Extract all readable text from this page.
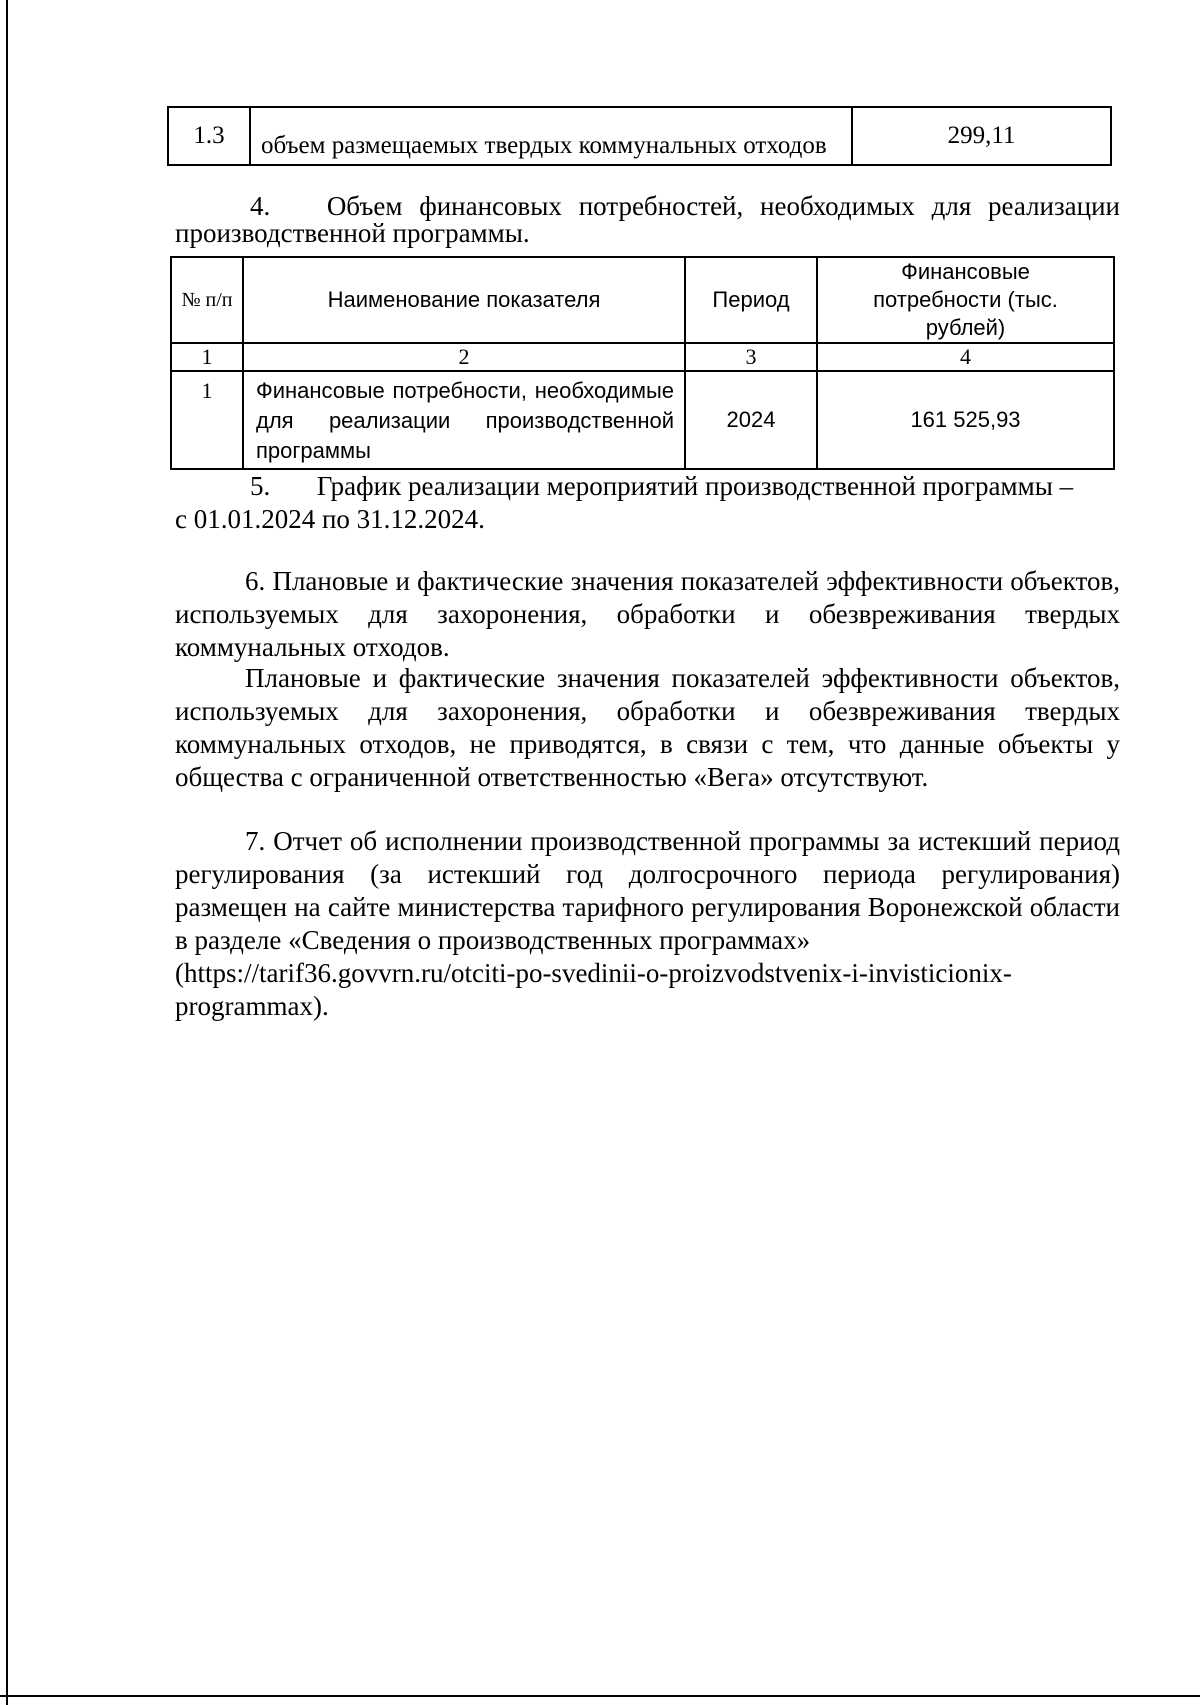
1.3	объем размещаемых твердых коммунальных отходов	299,11
4. Объем финансовых потребностей, необходимых для реализации
производственной программы.
№ п/п	Наименование показателя	Период	Финансовые потребности (тыс. рублей)
1	2	3	4
1	Финансовые потребности, необходимые
для реализации производственной
программы	2024	161 525,93
5. График реализации мероприятий производственной программы –
с 01.01.2024 по 31.12.2024.
6. Плановые и фактические значения показателей эффективности объектов, используемых для захоронения, обработки и обезвреживания твердых коммунальных отходов.
Плановые и фактические значения показателей эффективности объектов, используемых для захоронения, обработки и обезвреживания твердых коммунальных отходов, не приводятся, в связи с тем, что данные объекты у общества с ограниченной ответственностью «Вега» отсутствуют.
7. Отчет об исполнении производственной программы за истекший период регулирования (за истекший год долгосрочного периода регулирования) размещен на сайте министерства тарифного регулирования Воронежской области в разделе «Сведения о производственных программах»
(https://tarif36.govvrn.ru/otciti-po-svedinii-o-proizvodstvenix-i-invisticionix-
programmax).
